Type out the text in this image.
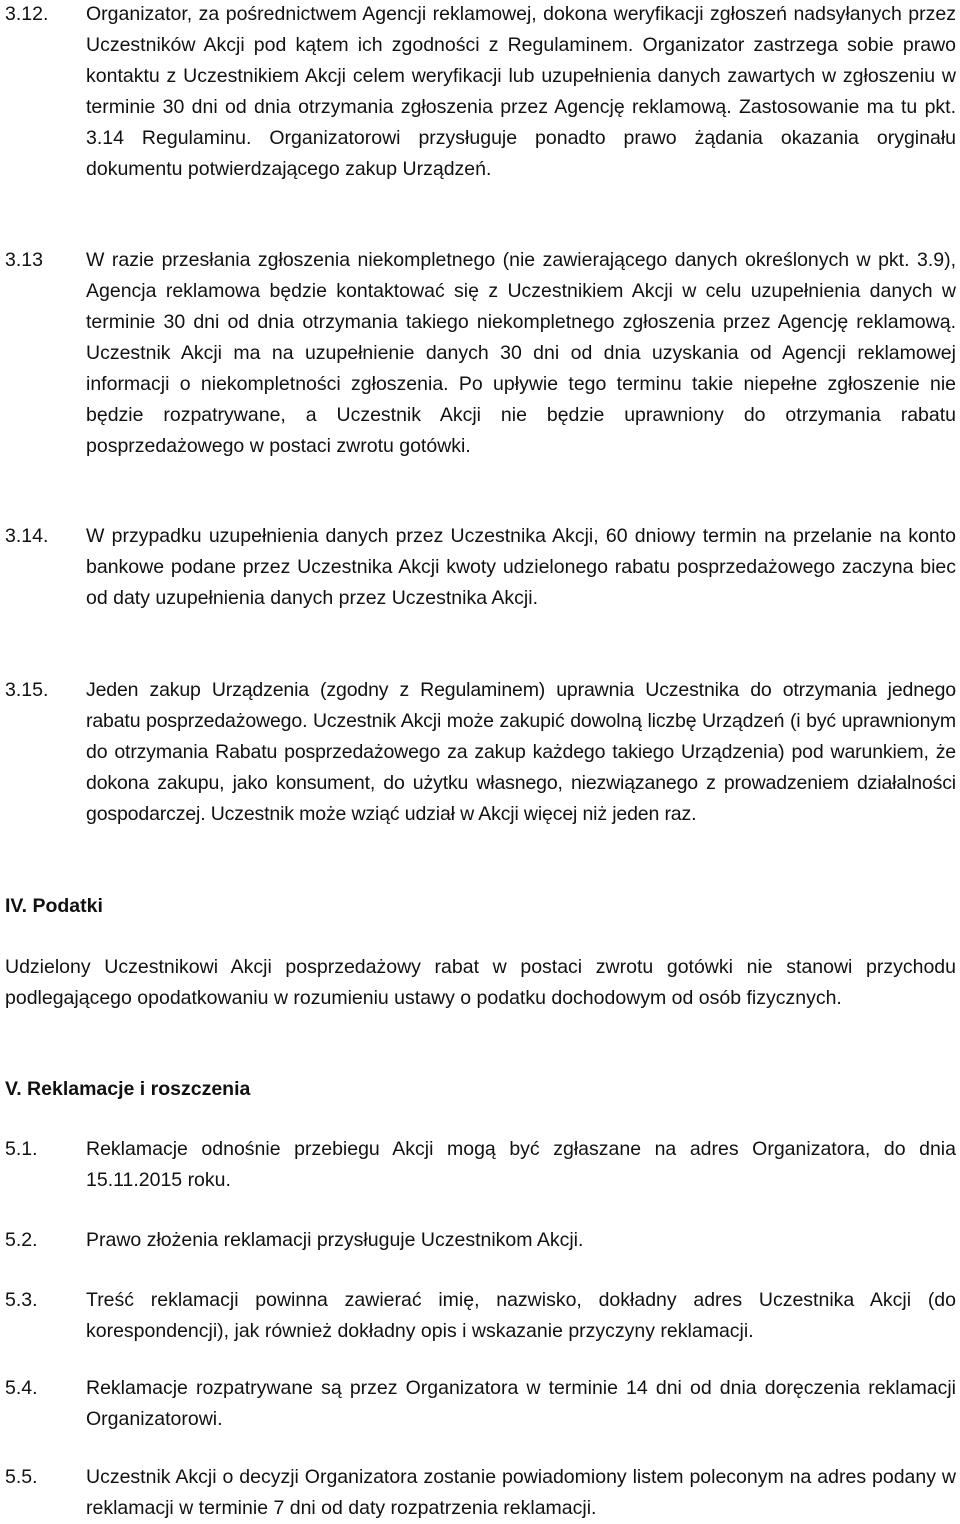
3.12. Organizator, za pośrednictwem Agencji reklamowej, dokona weryfikacji zgłoszeń nadsyłanych przez Uczestników Akcji pod kątem ich zgodności z Regulaminem. Organizator zastrzega sobie prawo kontaktu z Uczestnikiem Akcji celem weryfikacji lub uzupełnienia danych zawartych w zgłoszeniu w terminie 30 dni od dnia otrzymania zgłoszenia przez Agencję reklamową. Zastosowanie ma tu pkt. 3.14 Regulaminu. Organizatorowi przysługuje ponadto prawo żądania okazania oryginału dokumentu potwierdzającego zakup Urządzeń.
3.13 W razie przesłania zgłoszenia niekompletnego (nie zawierającego danych określonych w pkt. 3.9), Agencja reklamowa będzie kontaktować się z Uczestnikiem Akcji w celu uzupełnienia danych w terminie 30 dni od dnia otrzymania takiego niekompletnego zgłoszenia przez Agencję reklamową. Uczestnik Akcji ma na uzupełnienie danych 30 dni od dnia uzyskania od Agencji reklamowej informacji o niekompletności zgłoszenia. Po upływie tego terminu takie niepełne zgłoszenie nie będzie rozpatrywane, a Uczestnik Akcji nie będzie uprawniony do otrzymania rabatu posprzedażowego w postaci zwrotu gotówki.
3.14. W przypadku uzupełnienia danych przez Uczestnika Akcji, 60 dniowy termin na przelanie na konto bankowe podane przez Uczestnika Akcji kwoty udzielonego rabatu posprzedażowego zaczyna biec od daty uzupełnienia danych przez Uczestnika Akcji.
3.15. Jeden zakup Urządzenia (zgodny z Regulaminem) uprawnia Uczestnika do otrzymania jednego rabatu posprzedażowego. Uczestnik Akcji może zakupić dowolną liczbę Urządzeń (i być uprawnionym do otrzymania Rabatu posprzedażowego za zakup każdego takiego Urządzenia) pod warunkiem, że dokona zakupu, jako konsument, do użytku własnego, niezwiązanego z prowadzeniem działalności gospodarczej. Uczestnik może wziąć udział w Akcji więcej niż jeden raz.
IV. Podatki
Udzielony Uczestnikowi Akcji posprzedażowy rabat w postaci zwrotu gotówki nie stanowi przychodu podlegającego opodatkowaniu w rozumieniu ustawy o podatku dochodowym od osób fizycznych.
V. Reklamacje i roszczenia
5.1. Reklamacje odnośnie przebiegu Akcji mogą być zgłaszane na adres Organizatora, do dnia 15.11.2015 roku.
5.2. Prawo złożenia reklamacji przysługuje Uczestnikom Akcji.
5.3. Treść reklamacji powinna zawierać imię, nazwisko, dokładny adres Uczestnika Akcji (do korespondencji), jak również dokładny opis i wskazanie przyczyny reklamacji.
5.4. Reklamacje rozpatrywane są przez Organizatora w terminie 14 dni od dnia doręczenia reklamacji Organizatorowi.
5.5. Uczestnik Akcji o decyzji Organizatora zostanie powiadomiony listem poleconym na adres podany w reklamacji w terminie 7 dni od daty rozpatrzenia reklamacji.
